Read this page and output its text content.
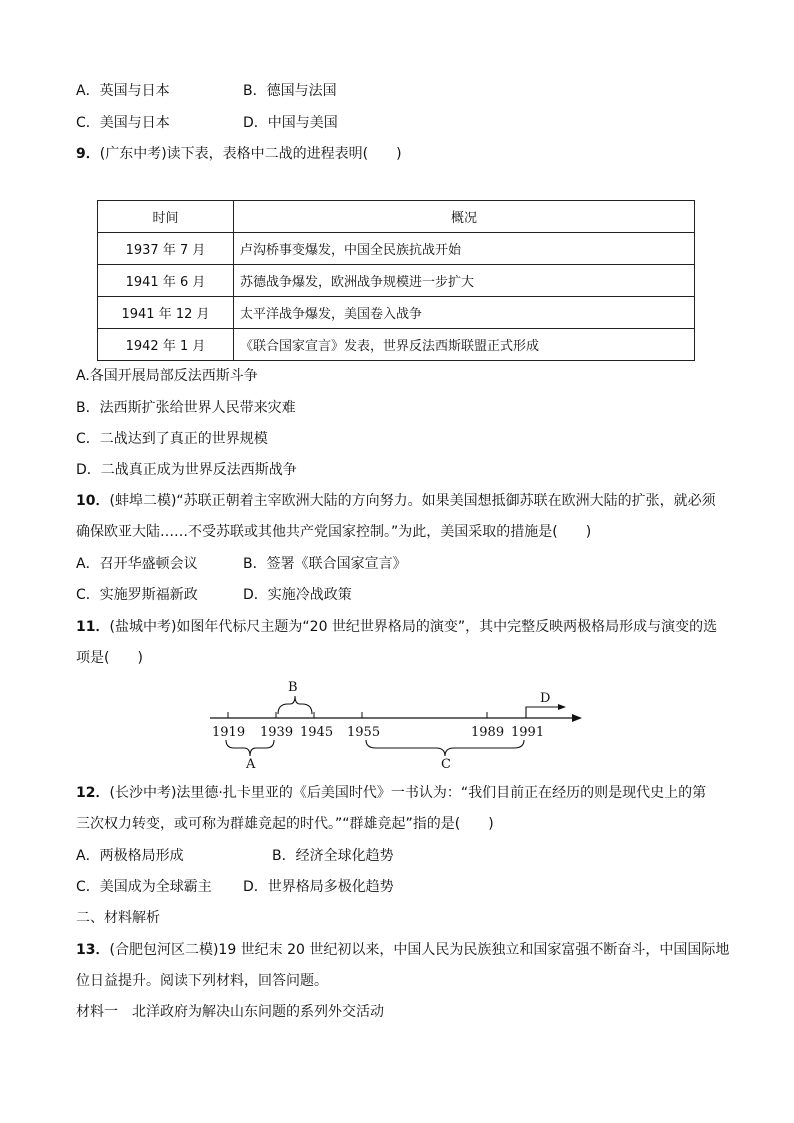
A．英国与日本	B．德国与法国
C．美国与日本	D．中国与美国
9．(广东中考)读下表，表格中二战的进程表明(　　)
时间	概况
1937 年 7 月	卢沟桥事变爆发，中国全民族抗战开始
1941 年 6 月	苏德战争爆发，欧洲战争规模进一步扩大
1941 年 12 月	太平洋战争爆发，美国卷入战争
1942 年 1 月	《联合国家宣言》发表，世界反法西斯联盟正式形成
A.各国开展局部反法西斯斗争
B．法西斯扩张给世界人民带来灾难
C．二战达到了真正的世界规模
D．二战真正成为世界反法西斯战争
10．(蚌埠二模)“苏联正朝着主宰欧洲大陆的方向努力。如果美国想抵御苏联在欧洲大陆的扩张，就必须
确保欧亚大陆……不受苏联或其他共产党国家控制。”为此，美国采取的措施是(　　)
A．召开华盛顿会议	B．签署《联合国家宣言》
C．实施罗斯福新政	D．实施冷战政策
11．(盐城中考)如图年代标尺主题为“20 世纪世界格局的演变”，其中完整反映两极格局形成与演变的选
项是(　　)
1919 1939 1945 1955	1989 1991
B
A	C
D
12．(长沙中考)法里德·扎卡里亚的《后美国时代》一书认为：“我们目前正在经历的则是现代史上的第
三次权力转变，或可称为群雄竞起的时代。”“群雄竞起”指的是(　　)
A．两极格局形成	B．经济全球化趋势
C．美国成为全球霸主 D．世界格局多极化趋势
二、材料解析
13．(合肥包河区二模)19 世纪末 20 世纪初以来，中国人民为民族独立和国家富强不断奋斗，中国国际地
位日益提升。阅读下列材料，回答问题。
材料一　北洋政府为解决山东问题的系列外交活动
